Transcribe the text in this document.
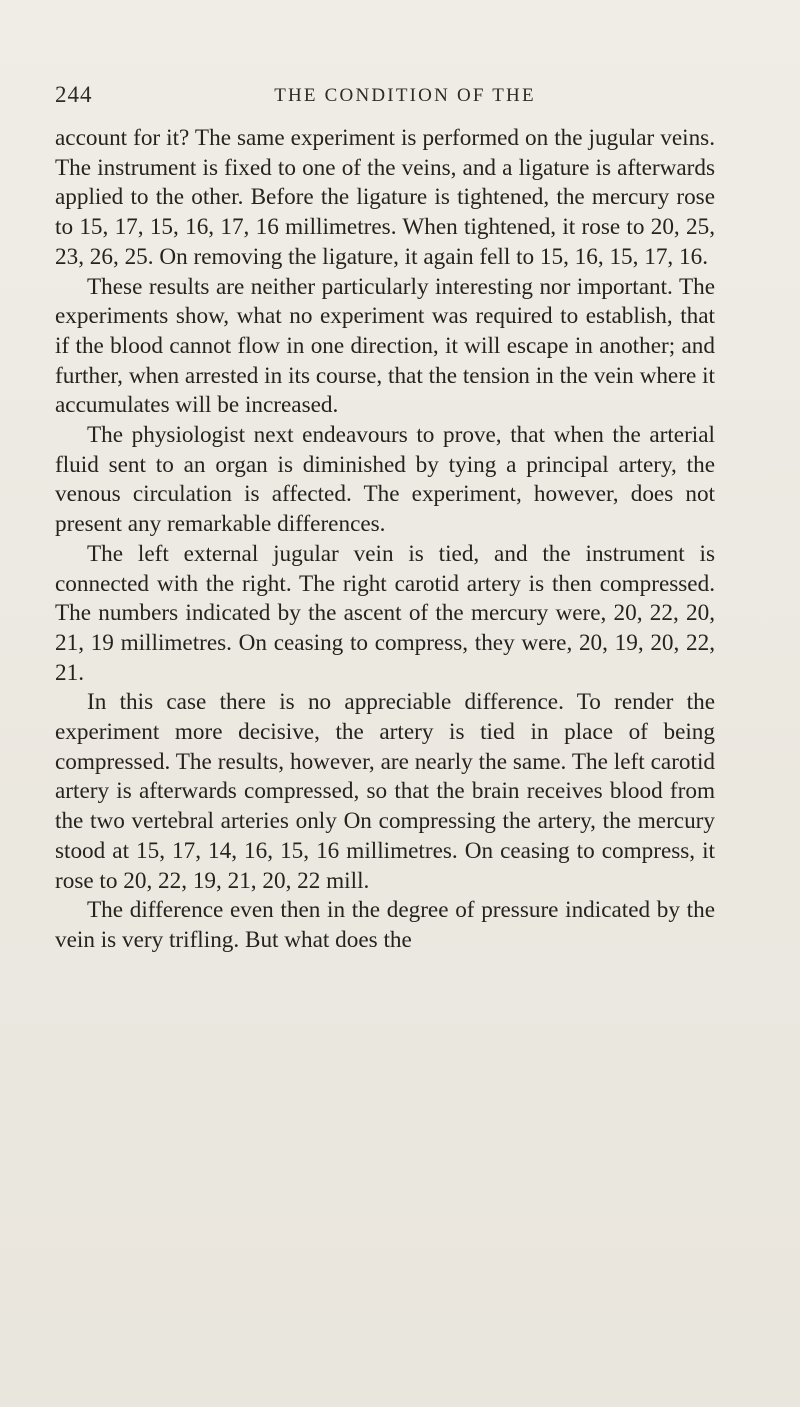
244	THE CONDITION OF THE

account for it? The same experiment is performed on the jugular veins. The instrument is fixed to one of the veins, and a ligature is afterwards applied to the other. Before the ligature is tightened, the mercury rose to 15, 17, 15, 16, 17, 16 millimetres. When tightened, it rose to 20, 25, 23, 26, 25. On removing the ligature, it again fell to 15, 16, 15, 17, 16.

These results are neither particularly interesting nor important. The experiments show, what no experiment was required to establish, that if the blood cannot flow in one direction, it will escape in another; and further, when arrested in its course, that the tension in the vein where it accumulates will be increased.

The physiologist next endeavours to prove, that when the arterial fluid sent to an organ is diminished by tying a principal artery, the venous circulation is affected. The experiment, however, does not present any remarkable differences.

The left external jugular vein is tied, and the instrument is connected with the right. The right carotid artery is then compressed. The numbers indicated by the ascent of the mercury were, 20, 22, 20, 21, 19 millimetres. On ceasing to compress, they were, 20, 19, 20, 22, 21.

In this case there is no appreciable difference. To render the experiment more decisive, the artery is tied in place of being compressed. The results, however, are nearly the same. The left carotid artery is afterwards compressed, so that the brain receives blood from the two vertebral arteries only On compressing the artery, the mercury stood at 15, 17, 14, 16, 15, 16 millimetres. On ceasing to compress, it rose to 20, 22, 19, 21, 20, 22 mill.

The difference even then in the degree of pressure indicated by the vein is very trifling. But what does the
